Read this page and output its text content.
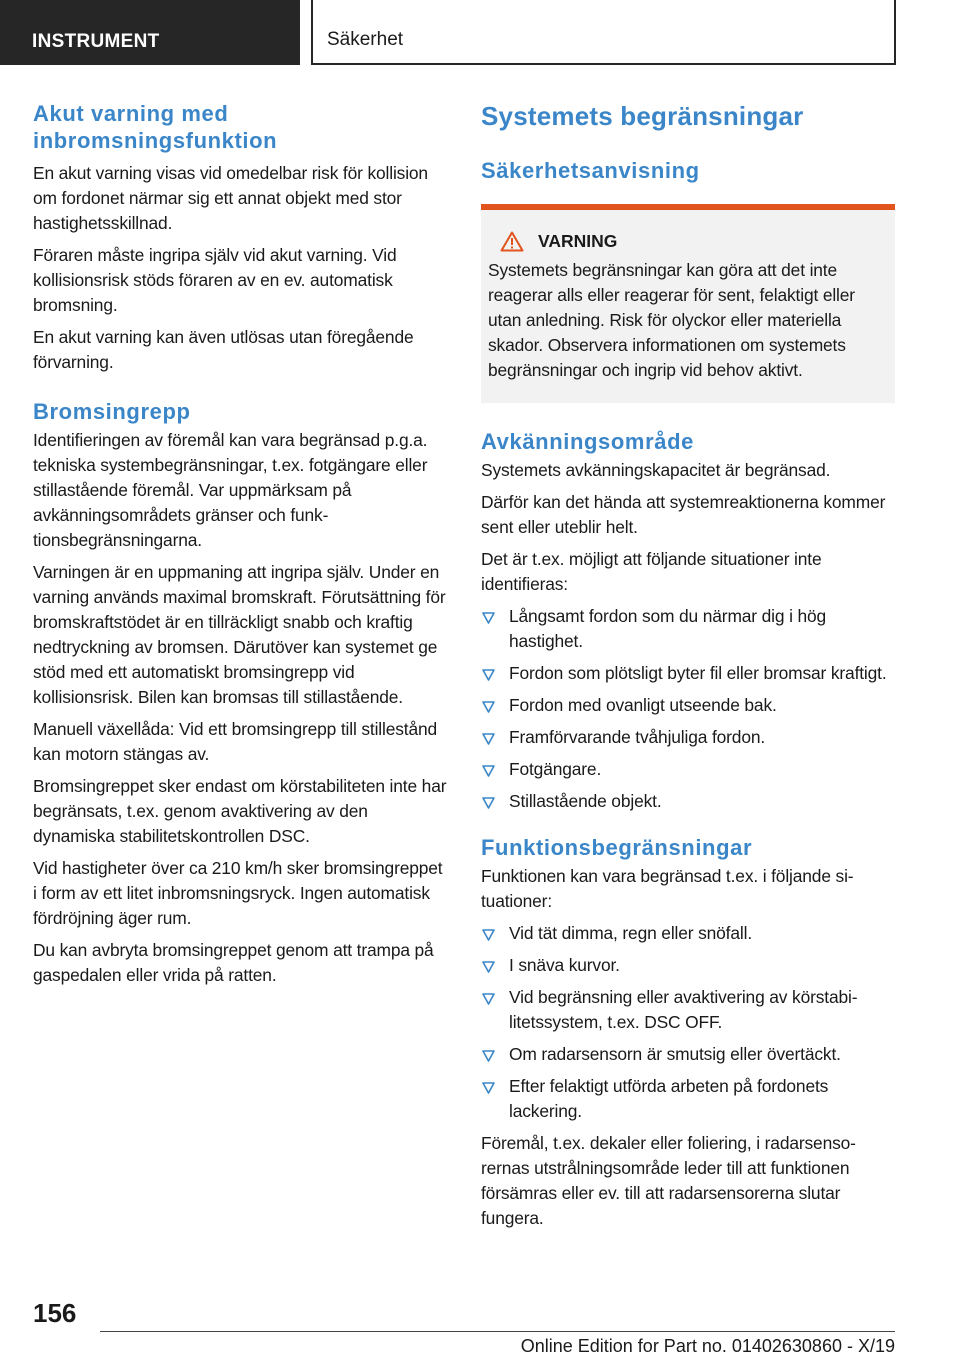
INSTRUMENT	Säkerhet
Akut varning med inbromsningsfunktion

En akut varning visas vid omedelbar risk för kollision om fordonet närmar sig ett annat objekt med stor hastighetsskillnad.

Föraren måste ingripa själv vid akut varning. Vid kollisionsrisk stöds föraren av en ev. automatisk bromsning.

En akut varning kan även utlösas utan föregående förvarning.

Bromsingrepp

Identifieringen av föremål kan vara begränsad p.g.a. tekniska systembegränsningar, t.ex. fotgängare eller stillastående föremål. Var uppmärksam på avkänningsområdets gränser och funktionsbegränsningarna.

Varningen är en uppmaning att ingripa själv. Under en varning används maximal bromskraft. Förutsättning för bromskraftstödet är en tillräckligt snabb och kraftig nedtryckning av bromsen. Därutöver kan systemet ge stöd med ett automatiskt bromsingrepp vid kollisionsrisk. Bilen kan bromsas till stillastående.

Manuell växellåda: Vid ett bromsingrepp till stillestånd kan motorn stängas av.

Bromsingreppet sker endast om körstabiliteten inte har begränsats, t.ex. genom avaktivering av den dynamiska stabilitetskontrollen DSC.

Vid hastigheter över ca 210 km/h sker bromsingreppet i form av ett litet inbromsningsryck. Ingen automatisk fördröjning äger rum.

Du kan avbryta bromsingreppet genom att trampa på gaspedalen eller vrida på ratten.

Systemets begränsningar
Säkerhetsanvisning
VARNING

Systemets begränsningar kan göra att det inte reagerar alls eller reagerar för sent, felaktigt eller utan anledning. Risk för olyckor eller materiella skador. Observera informationen om systemets begränsningar och ingrip vid behov aktivt.

Avkänningsområde

Systemets avkänningskapacitet är begränsad.

Därför kan det hända att systemreaktionerna kommer sent eller uteblir helt.

Det är t.ex. möjligt att följande situationer inte identifieras:

Långsamt fordon som du närmar dig i hög hastighet.
Fordon som plötsligt byter fil eller bromsar kraftigt.
Fordon med ovanligt utseende bak.
Framförvarande tvåhjuliga fordon.
Fotgängare.
Stillastående objekt.
Funktionsbegränsningar

Funktionen kan vara begränsad t.ex. i följande situationer:

Vid tät dimma, regn eller snöfall.
I snäva kurvor.
Vid begränsning eller avaktivering av körstabilitetssystem, t.ex. DSC OFF.
Om radarsensorn är smutsig eller övertäckt.
Efter felaktigt utförda arbeten på fordonets lackering.

Föremål, t.ex. dekaler eller foliering, i radarsensorernas utstrålningsområde leder till att funktionen försämras eller ev. till att radarsensorerna slutar fungera.

156
Online Edition for Part no. 01402630860 - X/19
